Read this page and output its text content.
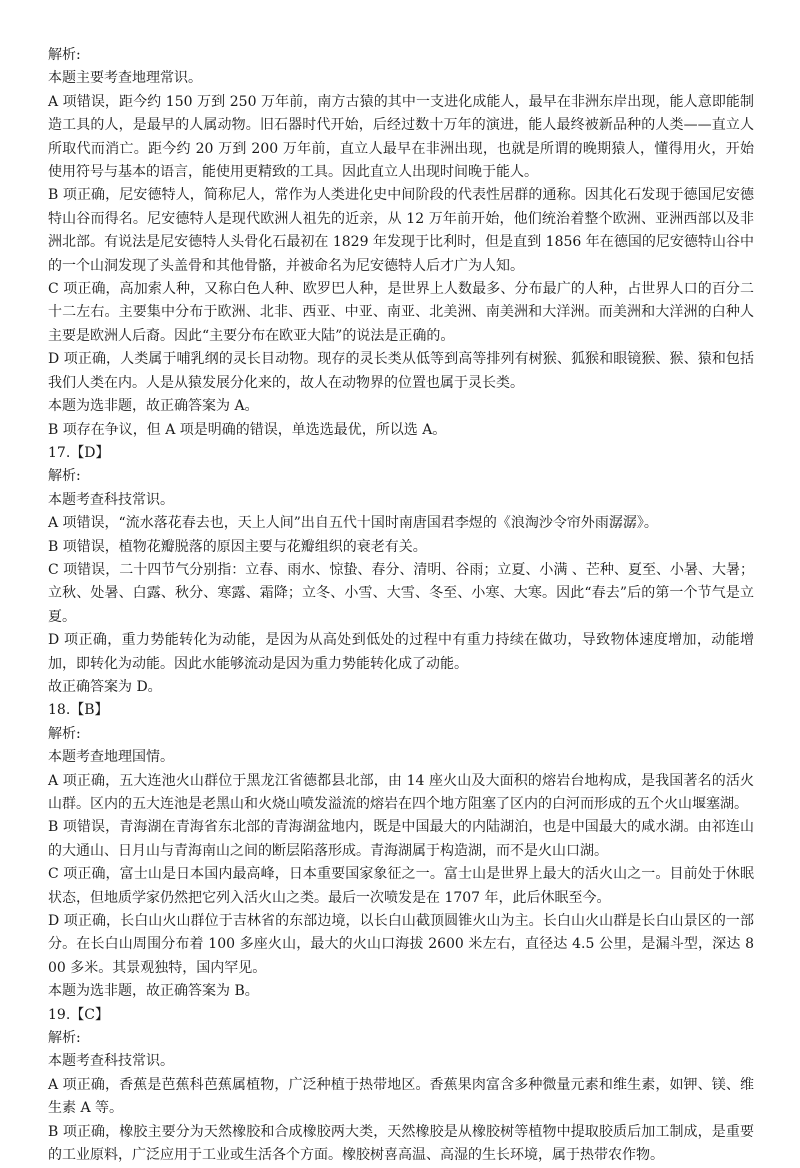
解析:
本题主要考查地理常识。
A 项错误，距今约 150 万到 250 万年前，南方古猿的其中一支进化成能人，最早在非洲东岸出现，能人意即能制造工具的人，是最早的人属动物。旧石器时代开始，后经过数十万年的演进，能人最终被新品种的人类——直立人所取代而消亡。距今约 20 万到 200 万年前，直立人最早在非洲出现，也就是所谓的晚期猿人，懂得用火，开始使用符号与基本的语言，能使用更精致的工具。因此直立人出现时间晚于能人。
B 项正确，尼安德特人，简称尼人，常作为人类进化史中间阶段的代表性居群的通称。因其化石发现于德国尼安德特山谷而得名。尼安德特人是现代欧洲人祖先的近亲，从 12 万年前开始，他们统治着整个欧洲、亚洲西部以及非洲北部。有说法是尼安德特人头骨化石最初在 1829 年发现于比利时，但是直到 1856 年在德国的尼安德特山谷中的一个山洞发现了头盖骨和其他骨骼，并被命名为尼安德特人后才广为人知。
C 项正确，高加索人种，又称白色人种、欧罗巴人种，是世界上人数最多、分布最广的人种，占世界人口的百分二十二左右。主要集中分布于欧洲、北非、西亚、中亚、南亚、北美洲、南美洲和大洋洲。而美洲和大洋洲的白种人主要是欧洲人后裔。因此“主要分布在欧亚大陆”的说法是正确的。
D 项正确，人类属于哺乳纲的灵长目动物。现存的灵长类从低等到高等排列有树猴、狐猴和眼镜猴、猴、猿和包括我们人类在内。人是从猿发展分化来的，故人在动物界的位置也属于灵长类。
本题为选非题，故正确答案为 A。
B 项存在争议，但 A 项是明确的错误，单选选最优，所以选 A。
17.【D】
解析:
本题考查科技常识。
A 项错误，“流水落花春去也，天上人间”出自五代十国时南唐国君李煜的《浪淘沙令帘外雨潺潺》。
B 项错误，植物花瓣脱落的原因主要与花瓣组织的衰老有关。
C 项错误，二十四节气分别指：立春、雨水、惊蛰、春分、清明、谷雨；立夏、小满 、芒种、夏至、小暑、大暑；立秋、处暑、白露、秋分、寒露、霜降；立冬、小雪、大雪、冬至、小寒、大寒。因此“春去”后的第一个节气是立夏。
D 项正确，重力势能转化为动能，是因为从高处到低处的过程中有重力持续在做功，导致物体速度增加，动能增加，即转化为动能。因此水能够流动是因为重力势能转化成了动能。
故正确答案为 D。
18.【B】
解析:
本题考查地理国情。
A 项正确，五大连池火山群位于黑龙江省德都县北部，由 14 座火山及大面积的熔岩台地构成，是我国著名的活火山群。区内的五大连池是老黑山和火烧山喷发溢流的熔岩在四个地方阻塞了区内的白河而形成的五个火山堰塞湖。
B 项错误，青海湖在青海省东北部的青海湖盆地内，既是中国最大的内陆湖泊，也是中国最大的咸水湖。由祁连山的大通山、日月山与青海南山之间的断层陷落形成。青海湖属于构造湖，而不是火山口湖。
C 项正确，富士山是日本国内最高峰，日本重要国家象征之一。富士山是世界上最大的活火山之一。目前处于休眠状态，但地质学家仍然把它列入活火山之类。最后一次喷发是在 1707 年，此后休眠至今。
D 项正确，长白山火山群位于吉林省的东部边境，以长白山截顶圆锥火山为主。长白山火山群是长白山景区的一部分。在长白山周围分布着 100 多座火山，最大的火山口海拔 2600 米左右，直径达 4.5 公里，是漏斗型，深达 800 多米。其景观独特，国内罕见。
本题为选非题，故正确答案为 B。
19.【C】
解析:
本题考查科技常识。
A 项正确，香蕉是芭蕉科芭蕉属植物，广泛种植于热带地区。香蕉果肉富含多种微量元素和维生素，如钾、镁、维生素 A 等。
B 项正确，橡胶主要分为天然橡胶和合成橡胶两大类，天然橡胶是从橡胶树等植物中提取胶质后加工制成，是重要的工业原料，广泛应用于工业或生活各个方面。橡胶树喜高温、高湿的生长环境，属于热带农作物。
